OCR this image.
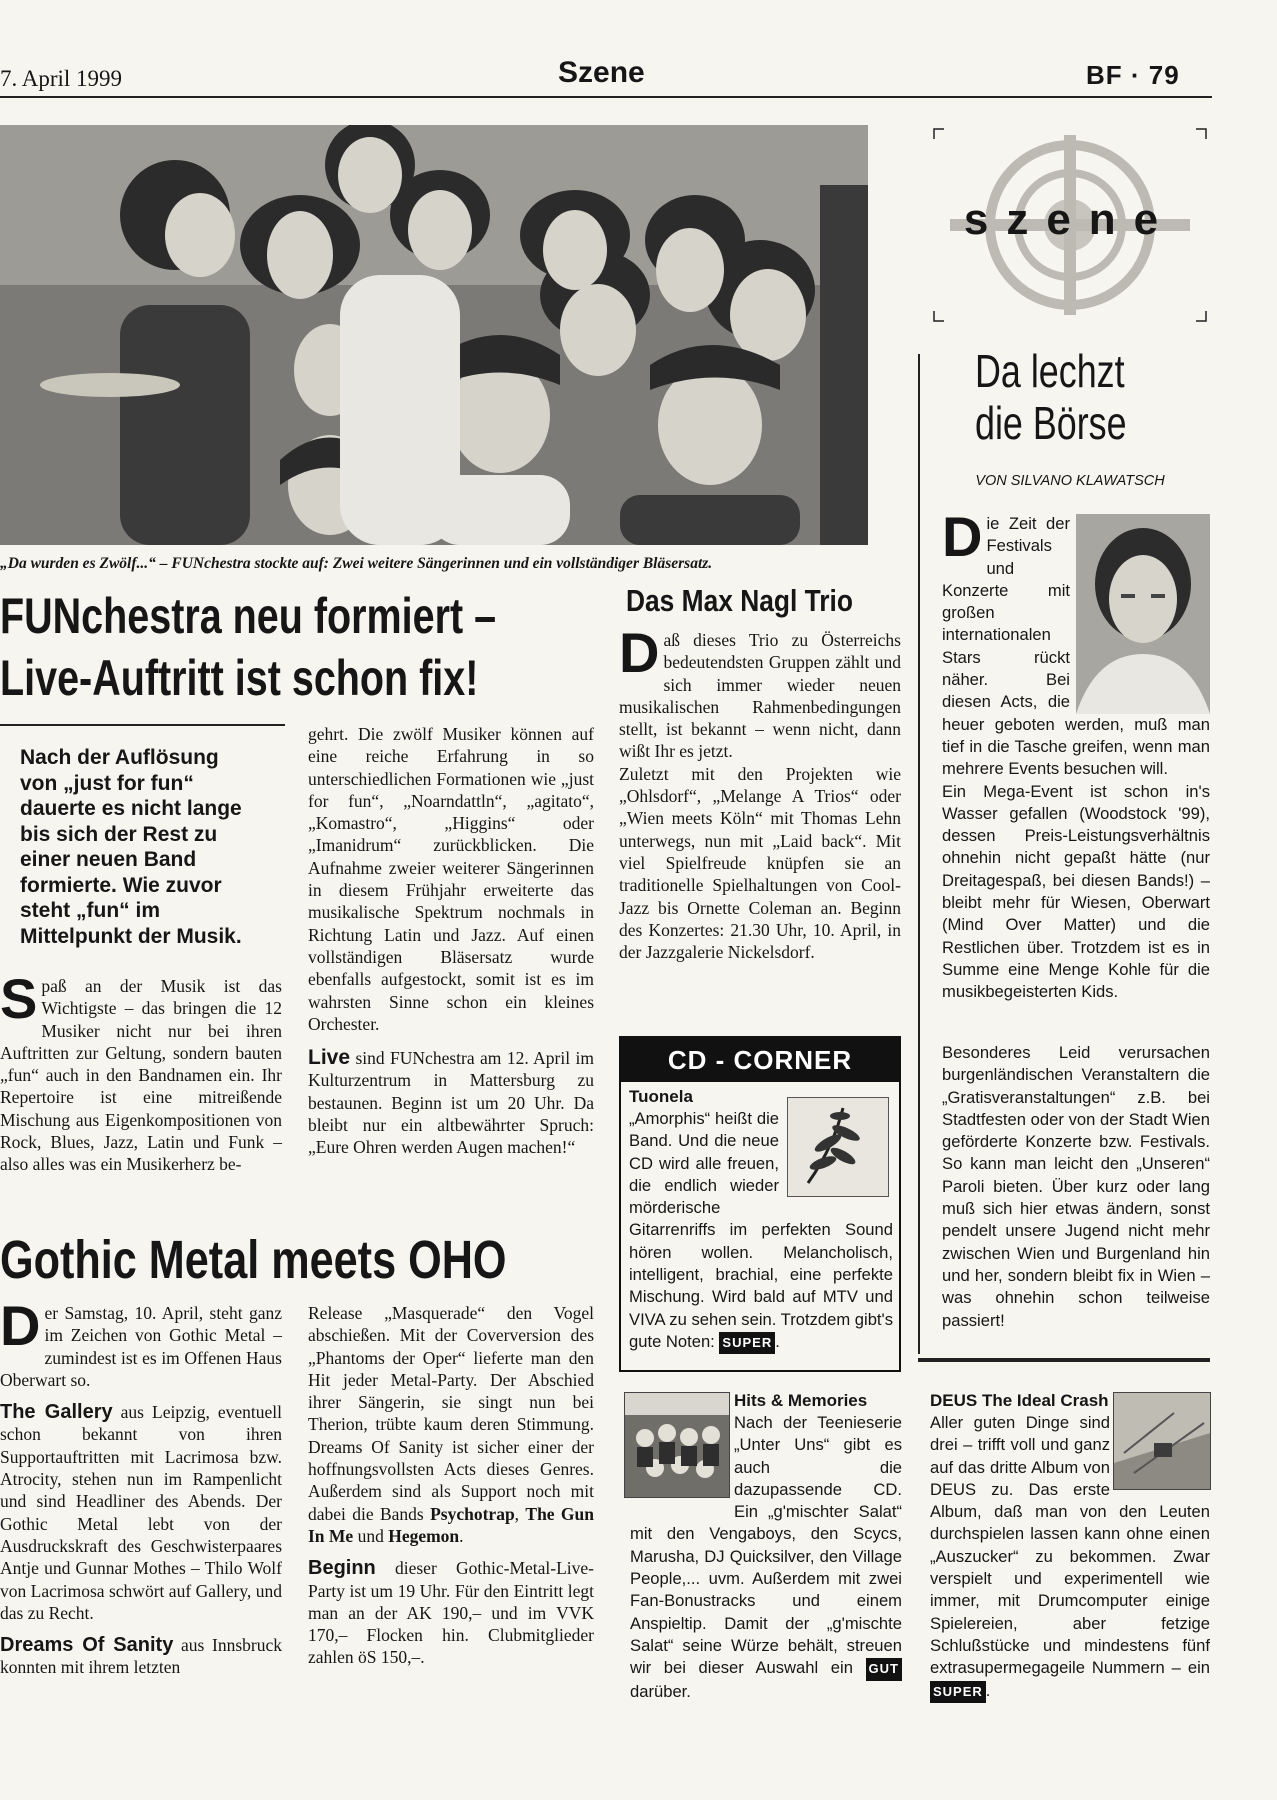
7. April 1999	Szene	BF · 79
„Da wurden es Zwölf...“ – FUNchestra stockte auf: Zwei weitere Sängerinnen und ein vollständiger Bläsersatz.
FUNchestra neu formiert –
Live-Auftritt ist schon fix!
Nach der Auflösung von „just for fun“ dauerte es nicht lange bis sich der Rest zu einer neuen Band formierte. Wie zuvor steht „fun“ im Mittelpunkt der Musik.
S paß an der Musik ist das Wichtigste – das bringen die 12 Musiker nicht nur bei ihren Auftritten zur Geltung, sondern bauten „fun“ auch in den Bandnamen ein. Ihr Repertoire ist eine mitreißende Mischung aus Eigenkompositionen von Rock, Blues, Jazz, Latin und Funk – also alles was ein Musikerherz be-

gehrt. Die zwölf Musiker können auf eine reiche Erfahrung in so unterschiedlichen Formationen wie „just for fun“, „Noarndattln“, „agitato“, „Komastro“, „Higgins“ oder „Imanidrum“ zurückblicken. Die Aufnahme zweier weiterer Sängerinnen in diesem Frühjahr erweiterte das musikalische Spektrum nochmals in Richtung Latin und Jazz. Auf einen vollständigen Bläsersatz wurde ebenfalls aufgestockt, somit ist es im wahrsten Sinne schon ein kleines Orchester.

Live sind FUNchestra am 12. April im Kulturzentrum in Mattersburg zu bestaunen. Beginn ist um 20 Uhr. Da bleibt nur ein altbewährter Spruch: „Eure Ohren werden Augen machen!“

Gothic Metal meets OHO

Der Samstag, 10. April, steht ganz im Zeichen von Gothic Metal – zumindest ist es im Offenen Haus Oberwart so.

The Gallery aus Leipzig, eventuell schon bekannt von ihren Supportauftritten mit Lacrimosa bzw. Atrocity, stehen nun im Rampenlicht und sind Headliner des Abends. Der Gothic Metal lebt von der Ausdruckskraft des Geschwisterpaares Antje und Gunnar Mothes – Thilo Wolf von Lacrimosa schwört auf Gallery, und das zu Recht.

Dreams Of Sanity aus Innsbruck konnten mit ihrem letzten

Release „Masquerade“ den Vogel abschießen. Mit der Coverversion des „Phantoms der Oper“ lieferte man den Hit jeder Metal-Party. Der Abschied ihrer Sängerin, sie singt nun bei Therion, trübte kaum deren Stimmung. Dreams Of Sanity ist sicher einer der hoffnungsvollsten Acts dieses Genres. Außerdem sind als Support noch mit dabei die Bands Psychotrap, The Gun In Me und Hegemon.

Beginn dieser Gothic-Metal-Live-Party ist um 19 Uhr. Für den Eintritt legt man an der AK 190,– und im VVK 170,– Flocken hin. Clubmitglieder zahlen öS 150,–.

Das Max Nagl Trio

Daß dieses Trio zu Österreichs bedeutendsten Gruppen zählt und sich immer wieder neuen musikalischen Rahmenbedingungen stellt, ist bekannt – wenn nicht, dann wißt Ihr es jetzt.

Zuletzt mit den Projekten wie „Ohlsdorf“, „Melange A Trios“ oder „Wien meets Köln“ mit Thomas Lehn unterwegs, nun mit „Laid back“. Mit viel Spielfreude knüpfen sie an traditionelle Spielhaltungen von Cool-Jazz bis Ornette Coleman an. Beginn des Konzertes: 21.30 Uhr, 10. April, in der Jazzgalerie Nickelsdorf.

CD - CORNER
Tuonela
„Amorphis“ heißt die Band. Und die neue CD wird alle freuen, die endlich wieder mörderische Gitarrenriffs im perfekten Sound hören wollen. Melancholisch, intelligent, brachial, eine perfekte Mischung. Wird bald auf MTV und VIVA zu sehen sein. Trotzdem gibt's gute Noten: SUPER .
Hits & Memories
Nach der Teenieserie „Unter Uns“ gibt es auch die dazupassende CD. Ein „g'mischter Salat“ mit den Vengaboys, den Scycs, Marusha, DJ Quicksilver, den Village People,... uvm. Außerdem mit zwei Fan-Bonustracks und einem Anspieltip. Damit der „g'mischte Salat“ seine Würze behält, streuen wir bei dieser Auswahl ein GUT darüber.
DEUS The Ideal Crash
Aller guten Dinge sind drei – trifft voll und ganz auf das dritte Album von DEUS zu. Das erste Album, daß man von den Leuten durchspielen lassen kann ohne einen „Auszucker“ zu bekommen. Zwar verspielt und experimentell wie immer, mit Drumcomputer einige Spielereien, aber fetzige Schlußstücke und mindestens fünf extrasupermegageile Nummern – ein SUPER .
szene
Da lechzt
die Börse
VON SILVANO KLAWATSCH
Die Zeit der Festivals und Konzerte mit großen internationalen Stars rückt näher. Bei diesen Acts, die heuer geboten werden, muß man tief in die Tasche greifen, wenn man mehrere Events besuchen will.

Ein Mega-Event ist schon in's Wasser gefallen (Woodstock '99), dessen Preis-Leistungsverhältnis ohnehin nicht gepaßt hätte (nur Dreitagespaß, bei diesen Bands!) – bleibt mehr für Wiesen, Oberwart (Mind Over Matter) und die Restlichen über. Trotzdem ist es in Summe eine Menge Kohle für die musikbegeisterten Kids.

Besonderes Leid verursachen burgenländischen Veranstaltern die „Gratisveranstaltungen“ z.B. bei Stadtfesten oder von der Stadt Wien geförderte Konzerte bzw. Festivals. So kann man leicht den „Unseren“ Paroli bieten. Über kurz oder lang muß sich hier etwas ändern, sonst pendelt unsere Jugend nicht mehr zwischen Wien und Burgenland hin und her, sondern bleibt fix in Wien – was ohnehin schon teilweise passiert!
